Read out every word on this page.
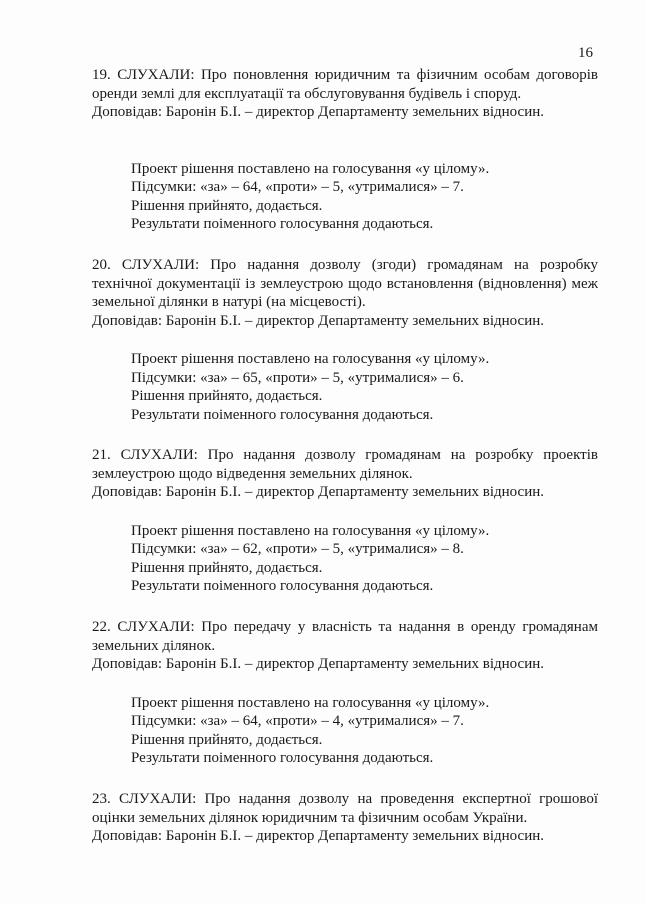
16
19. СЛУХАЛИ: Про поновлення юридичним та фізичним особам договорів оренди землі для експлуатації та обслуговування будівель і споруд.
Доповідав: Баронін Б.І. – директор Департаменту земельних відносин.
Проект рішення поставлено на голосування «у цілому».
Підсумки: «за» – 64, «проти» – 5, «утрималися» – 7.
Рішення прийнято, додається.
Результати поіменного голосування додаються.
20. СЛУХАЛИ: Про надання дозволу (згоди) громадянам на розробку технічної документації із землеустрою щодо встановлення (відновлення) меж земельної ділянки в натурі (на місцевості).
Доповідав: Баронін Б.І. – директор Департаменту земельних відносин.
Проект рішення поставлено на голосування «у цілому».
Підсумки: «за» – 65, «проти» – 5, «утрималися» – 6.
Рішення прийнято, додається.
Результати поіменного голосування додаються.
21. СЛУХАЛИ: Про надання дозволу громадянам на розробку проектів землеустрою щодо відведення земельних ділянок.
Доповідав: Баронін Б.І. – директор Департаменту земельних відносин.
Проект рішення поставлено на голосування «у цілому».
Підсумки: «за» – 62, «проти» – 5, «утрималися» – 8.
Рішення прийнято, додається.
Результати поіменного голосування додаються.
22. СЛУХАЛИ: Про передачу у власність та надання в оренду громадянам земельних ділянок.
Доповідав: Баронін Б.І. – директор Департаменту земельних відносин.
Проект рішення поставлено на голосування «у цілому».
Підсумки: «за» – 64, «проти» – 4, «утрималися» – 7.
Рішення прийнято, додається.
Результати поіменного голосування додаються.
23. СЛУХАЛИ: Про надання дозволу на проведення експертної грошової оцінки земельних ділянок юридичним та фізичним особам України.
Доповідав: Баронін Б.І. – директор Департаменту земельних відносин.
